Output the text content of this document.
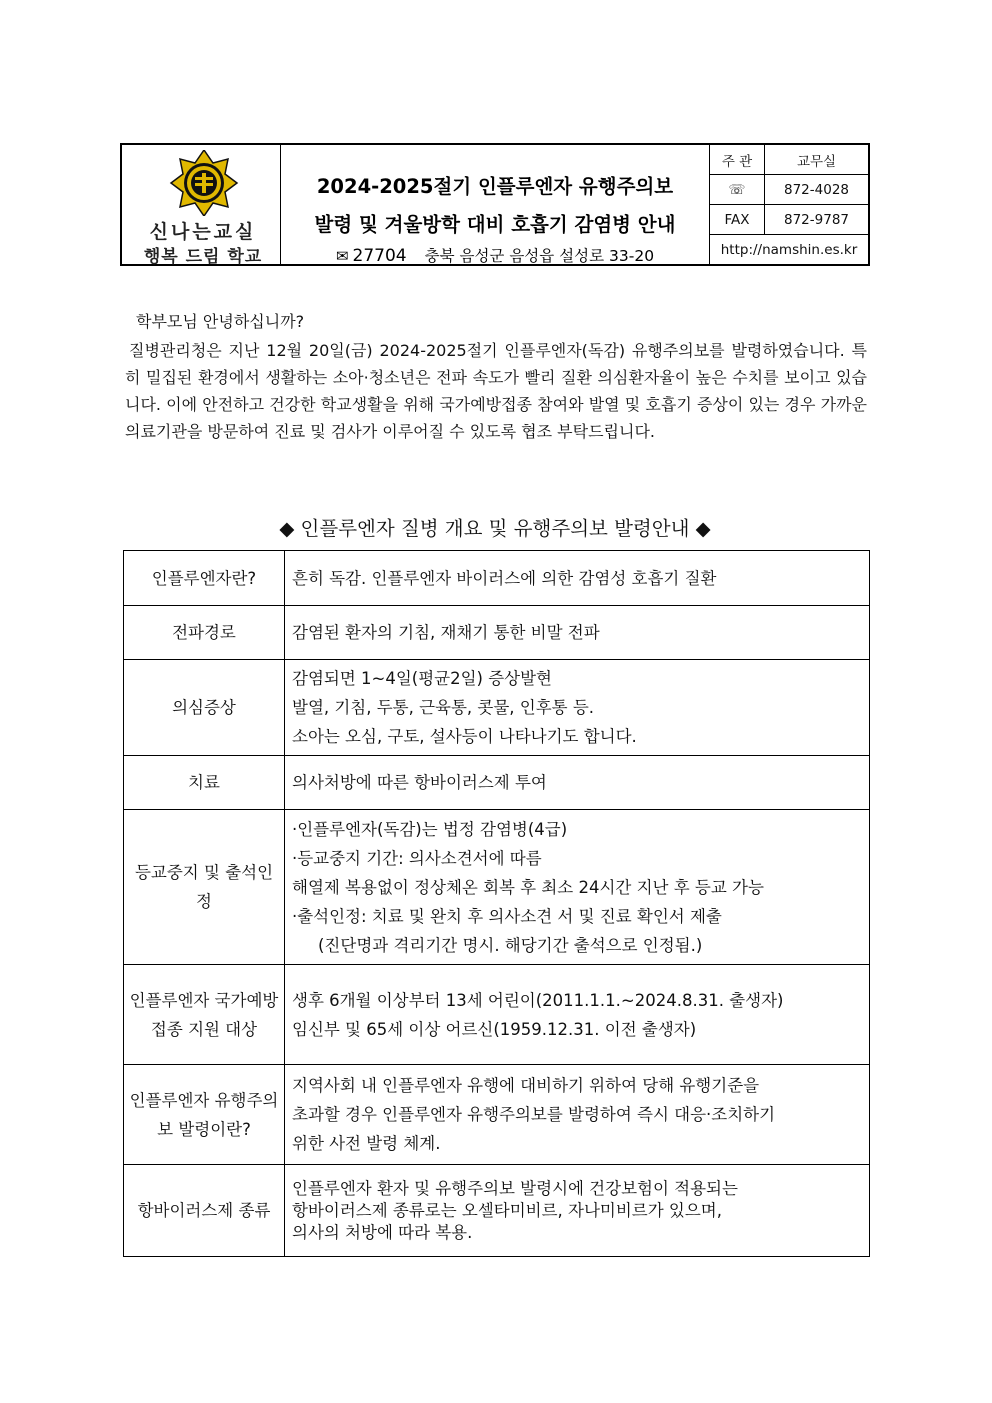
신나는교실
행복 드림 학교
2024-2025절기 인플루엔자 유행주의보
발령 및 겨울방학 대비 호흡기 감염병 안내
✉ 27704 충북 음성군 음성읍 설성로 33-20
주 관	교무실
☏	872-4028
FAX	872-9787
http://namshin.es.kr
학부모님 안녕하십니까?

질병관리청은 지난 12월 20일(금) 2024-2025절기 인플루엔자(독감) 유행주의보를 발령하였습니다. 특히 밀집된 환경에서 생활하는 소아·청소년은 전파 속도가 빨리 질환 의심환자율이 높은 수치를 보이고 있습니다. 이에 안전하고 건강한 학교생활을 위해 국가예방접종 참여와 발열 및 호흡기 증상이 있는 경우 가까운 의료기관을 방문하여 진료 및 검사가 이루어질 수 있도록 협조 부탁드립니다.

◆ 인플루엔자 질병 개요 및 유행주의보 발령안내 ◆
인플루엔자란?	흔히 독감. 인플루엔자 바이러스에 의한 감염성 호흡기 질환

전파경로	감염된 환자의 기침, 재채기 통한 비말 전파

의심증상	감염되면 1~4일(평균2일) 증상발현
발열, 기침, 두통, 근육통, 콧물, 인후통 등.
소아는 오심, 구토, 설사등이 나타나기도 합니다.

치료	의사처방에 따른 항바이러스제 투여

등교중지 및 출석인정	·인플루엔자(독감)는 법정 감염병(4급)
·등교중지 기간: 의사소견서에 따름
해열제 복용없이 정상체온 회복 후 최소 24시간 지난 후 등교 가능
·출석인정: 치료 및 완치 후 의사소견 서 및 진료 확인서 제출
(진단명과 격리기간 명시. 해당기간 출석으로 인정됨.)

인플루엔자 국가예방접종 지원 대상	생후 6개월 이상부터 13세 어린이(2011.1.1.~2024.8.31. 출생자)
임신부 및 65세 이상 어르신(1959.12.31. 이전 출생자)

인플루엔자 유행주의보 발령이란?	지역사회 내 인플루엔자 유행에 대비하기 위하여 당해 유행기준을
초과할 경우 인플루엔자 유행주의보를 발령하여 즉시 대응·조치하기
위한 사전 발령 체계.

항바이러스제 종류	인플루엔자 환자 및 유행주의보 발령시에 건강보험이 적용되는
항바이러스제 종류로는 오셀타미비르, 자나미비르가 있으며,
의사의 처방에 따라 복용.
